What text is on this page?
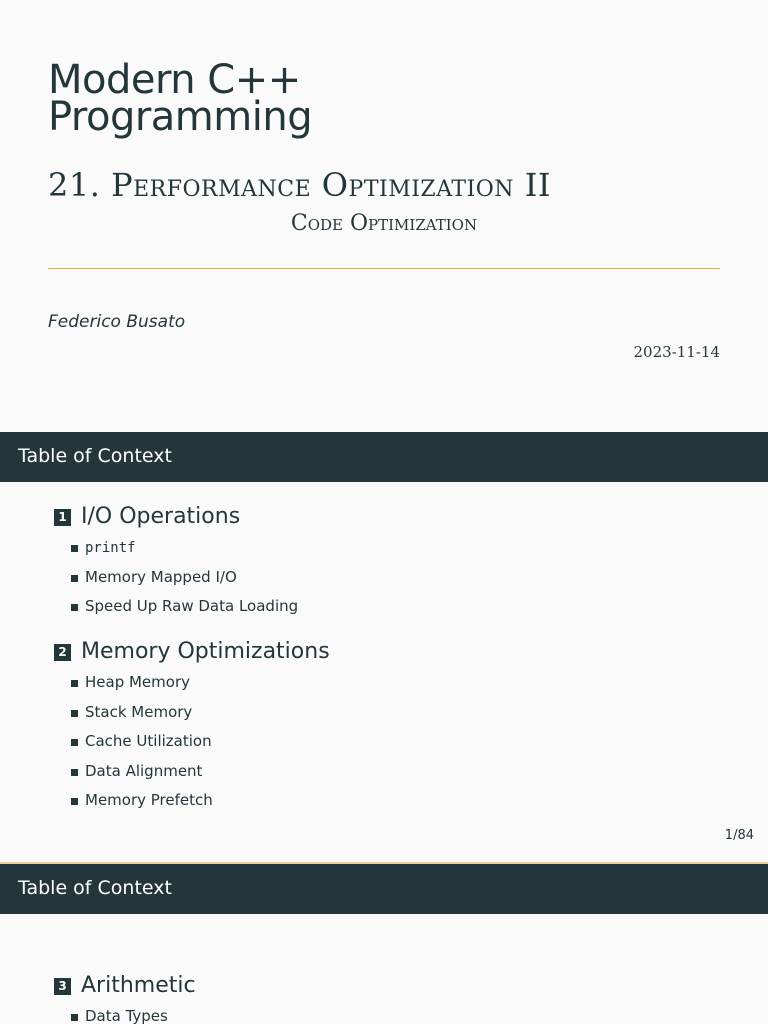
Modern C++
Programming
21. Performance Optimization II
Code Optimization
Federico Busato
2023-11-14
Table of Context
1 I/O Operations
printf
Memory Mapped I/O
Speed Up Raw Data Loading
2 Memory Optimizations
Heap Memory
Stack Memory
Cache Utilization
Data Alignment
Memory Prefetch
1/84
Table of Context
3 Arithmetic
Data Types
